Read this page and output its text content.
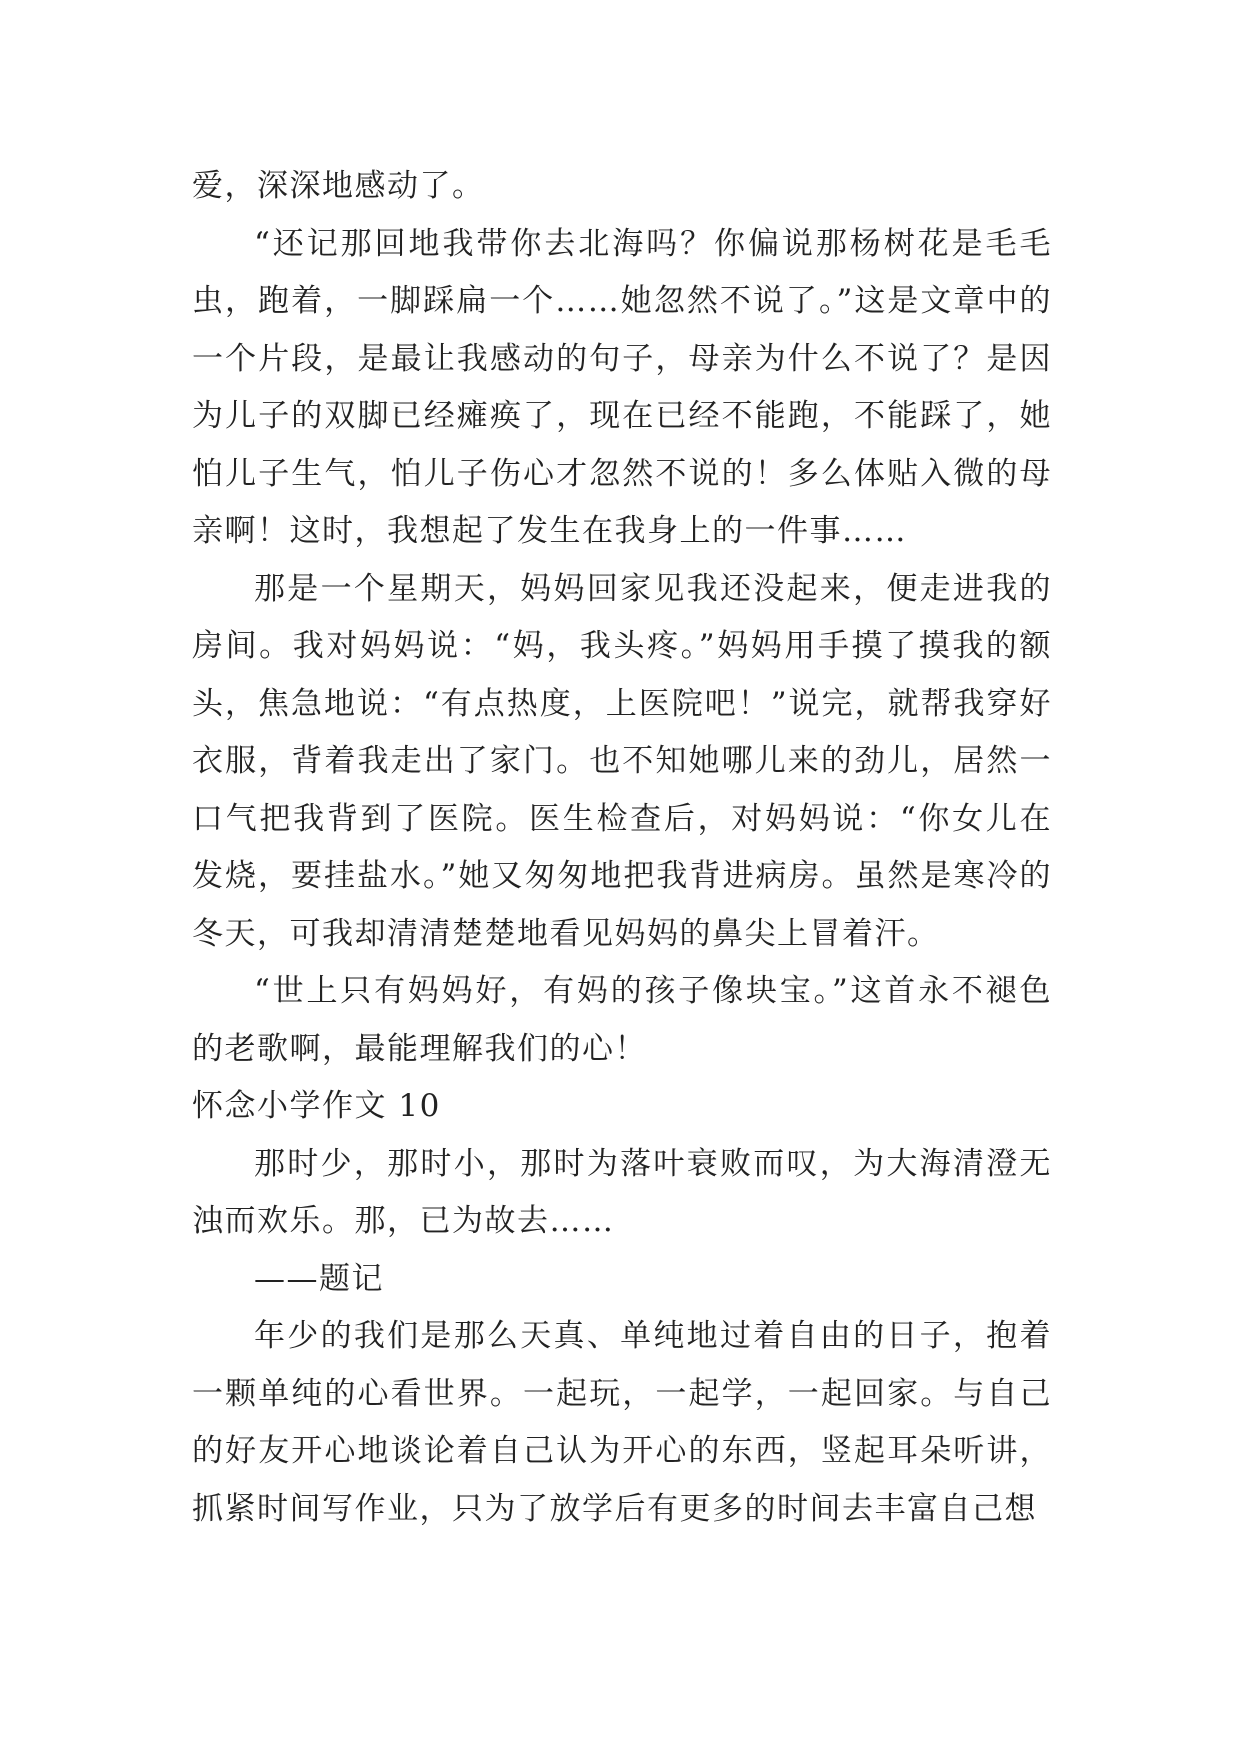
爱，深深地感动了。

“还记那回地我带你去北海吗？你偏说那杨树花是毛毛虫，跑着，一脚踩扁一个……她忽然不说了。”这是文章中的一个片段，是最让我感动的句子，母亲为什么不说了？是因为儿子的双脚已经瘫痪了，现在已经不能跑，不能踩了，她怕儿子生气，怕儿子伤心才忽然不说的！多么体贴入微的母亲啊！这时，我想起了发生在我身上的一件事……

那是一个星期天，妈妈回家见我还没起来，便走进我的房间。我对妈妈说：“妈，我头疼。”妈妈用手摸了摸我的额头，焦急地说：“有点热度，上医院吧！”说完，就帮我穿好衣服，背着我走出了家门。也不知她哪儿来的劲儿，居然一口气把我背到了医院。医生检查后，对妈妈说：“你女儿在发烧，要挂盐水。”她又匆匆地把我背进病房。虽然是寒冷的冬天，可我却清清楚楚地看见妈妈的鼻尖上冒着汗。

“世上只有妈妈好，有妈的孩子像块宝。”这首永不褪色的老歌啊，最能理解我们的心！

怀念小学作文 10

那时少，那时小，那时为落叶衰败而叹，为大海清澄无浊而欢乐。那，已为故去……

——题记

年少的我们是那么天真、单纯地过着自由的日子，抱着一颗单纯的心看世界。一起玩，一起学，一起回家。与自己的好友开心地谈论着自己认为开心的东西，竖起耳朵听讲，抓紧时间写作业，只为了放学后有更多的时间去丰富自己想
